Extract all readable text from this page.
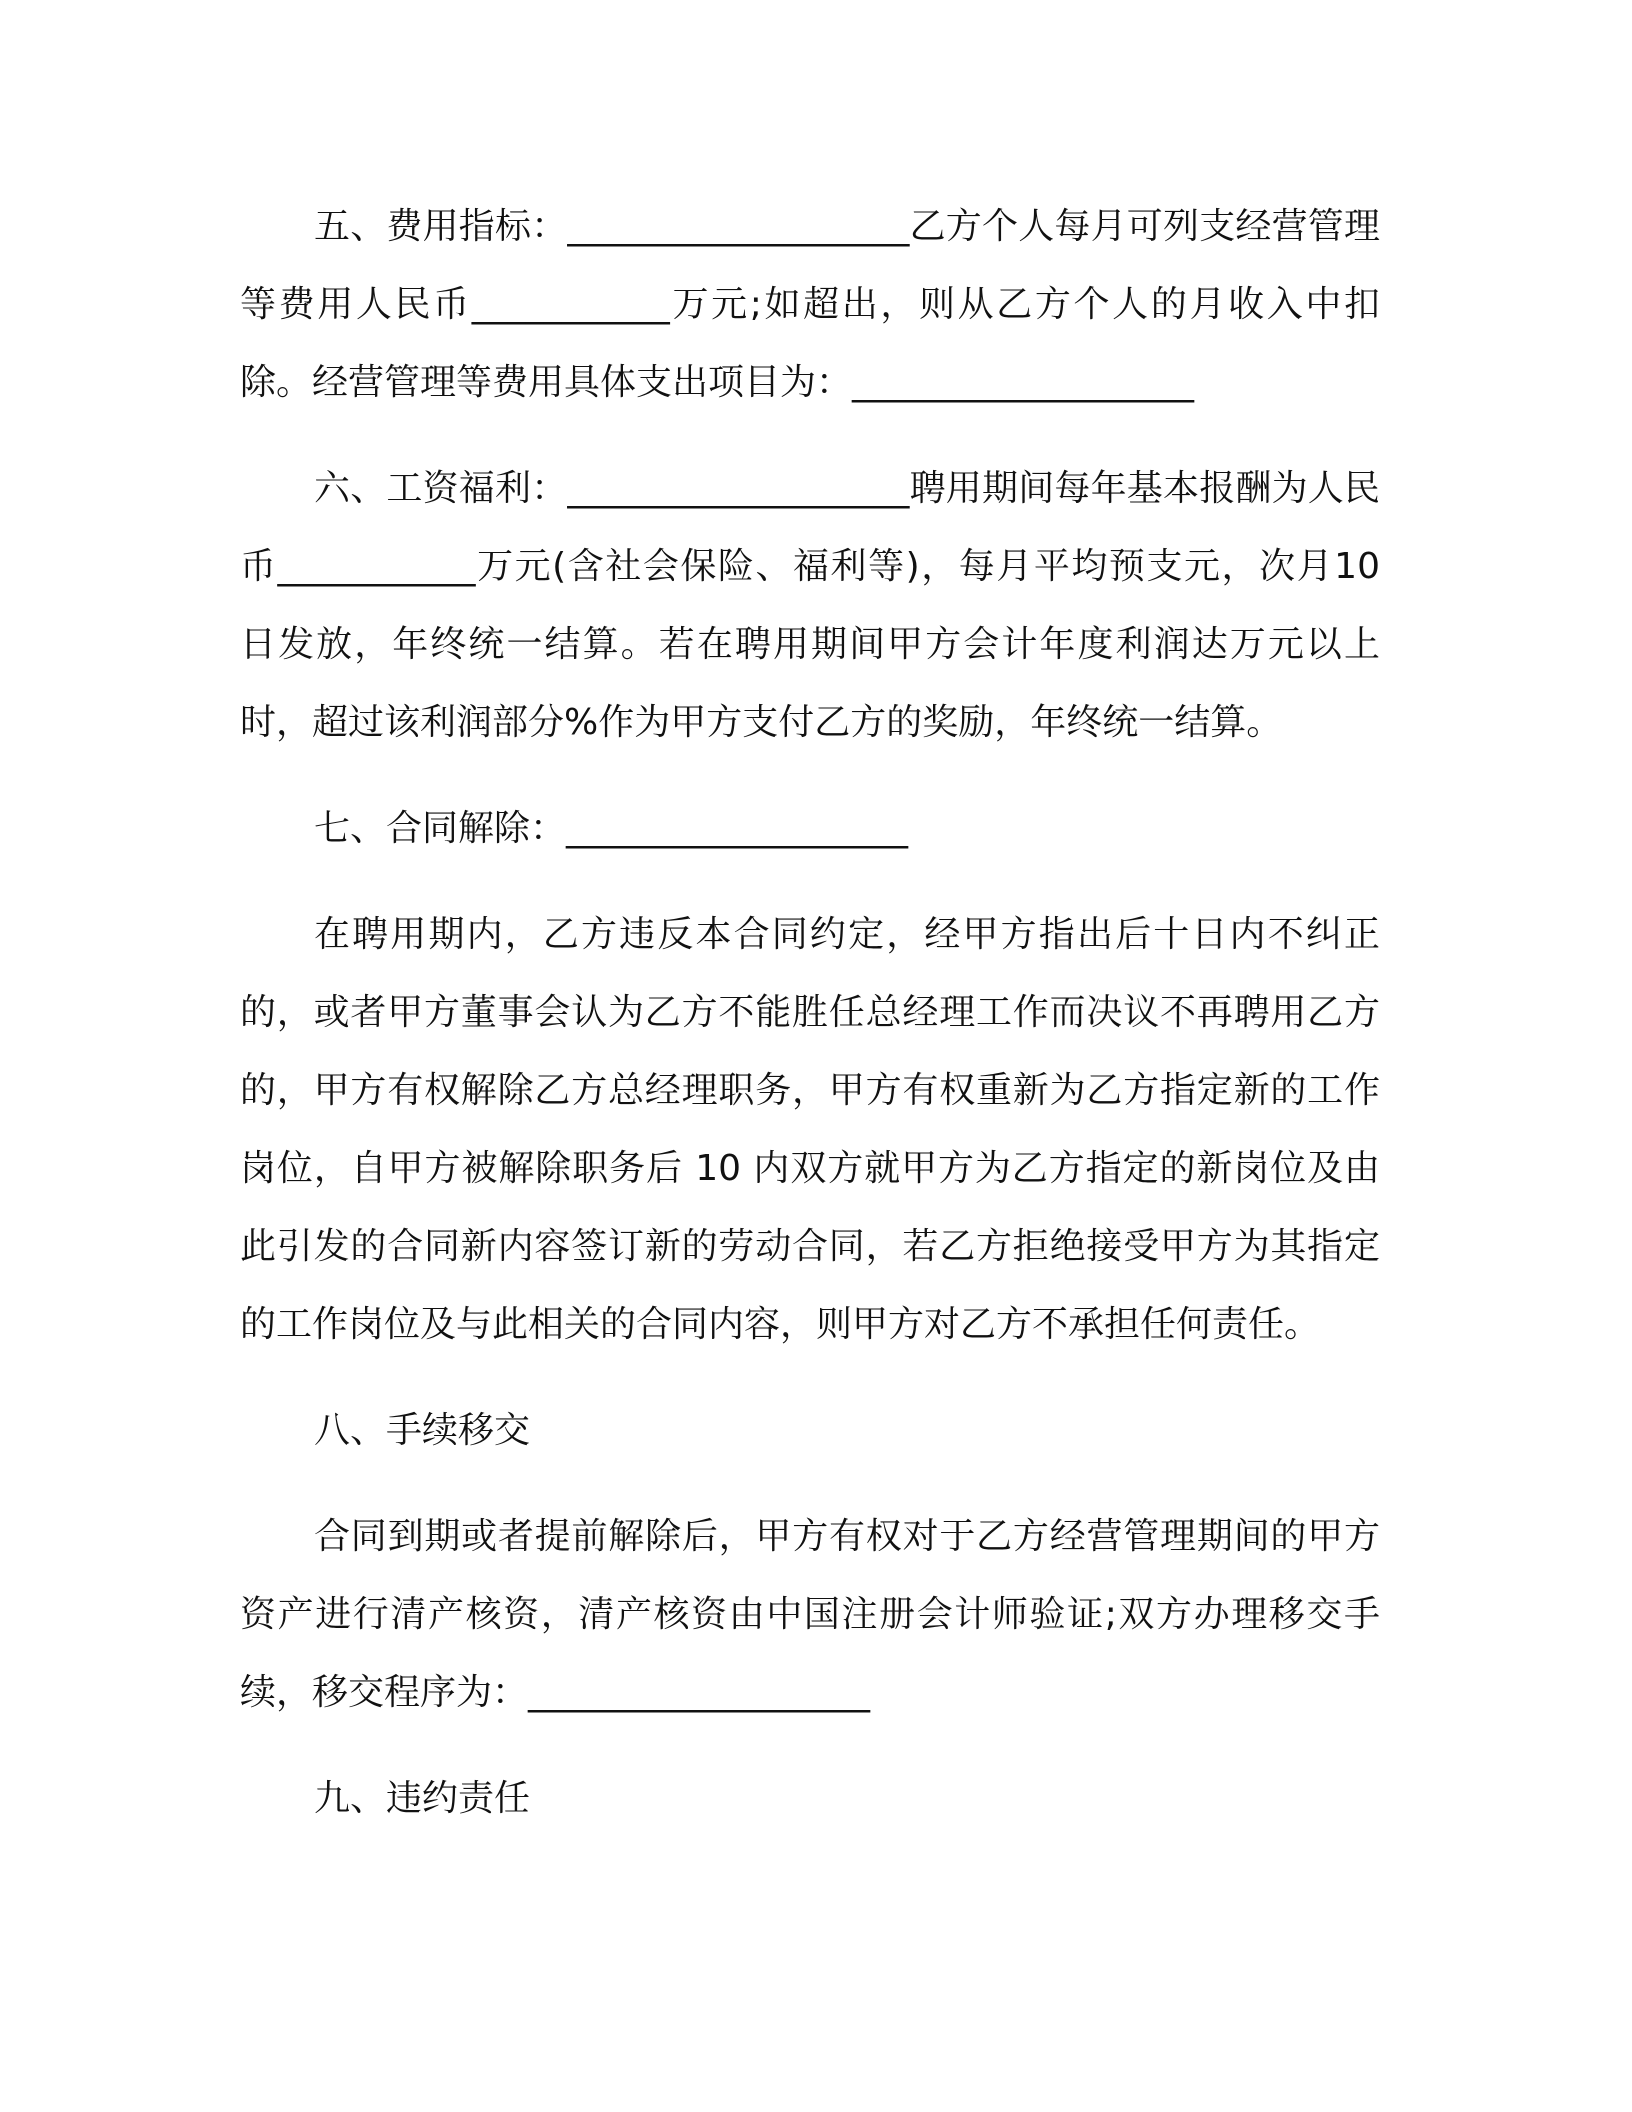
五、费用指标：___________________乙方个人每月可列支经营管理等费用人民币___________万元;如超出，则从乙方个人的月收入中扣除。经营管理等费用具体支出项目为：___________________

六、工资福利：___________________聘用期间每年基本报酬为人民币___________万元(含社会保险、福利等)，每月平均预支元，次月10 日发放，年终统一结算。若在聘用期间甲方会计年度利润达万元以上时，超过该利润部分%作为甲方支付乙方的奖励，年终统一结算。

七、合同解除：___________________

在聘用期内，乙方违反本合同约定，经甲方指出后十日内不纠正的，或者甲方董事会认为乙方不能胜任总经理工作而决议不再聘用乙方的，甲方有权解除乙方总经理职务，甲方有权重新为乙方指定新的工作岗位，自甲方被解除职务后 10 内双方就甲方为乙方指定的新岗位及由此引发的合同新内容签订新的劳动合同，若乙方拒绝接受甲方为其指定的工作岗位及与此相关的合同内容，则甲方对乙方不承担任何责任。

八、手续移交

合同到期或者提前解除后，甲方有权对于乙方经营管理期间的甲方资产进行清产核资，清产核资由中国注册会计师验证;双方办理移交手续，移交程序为：___________________

九、违约责任
